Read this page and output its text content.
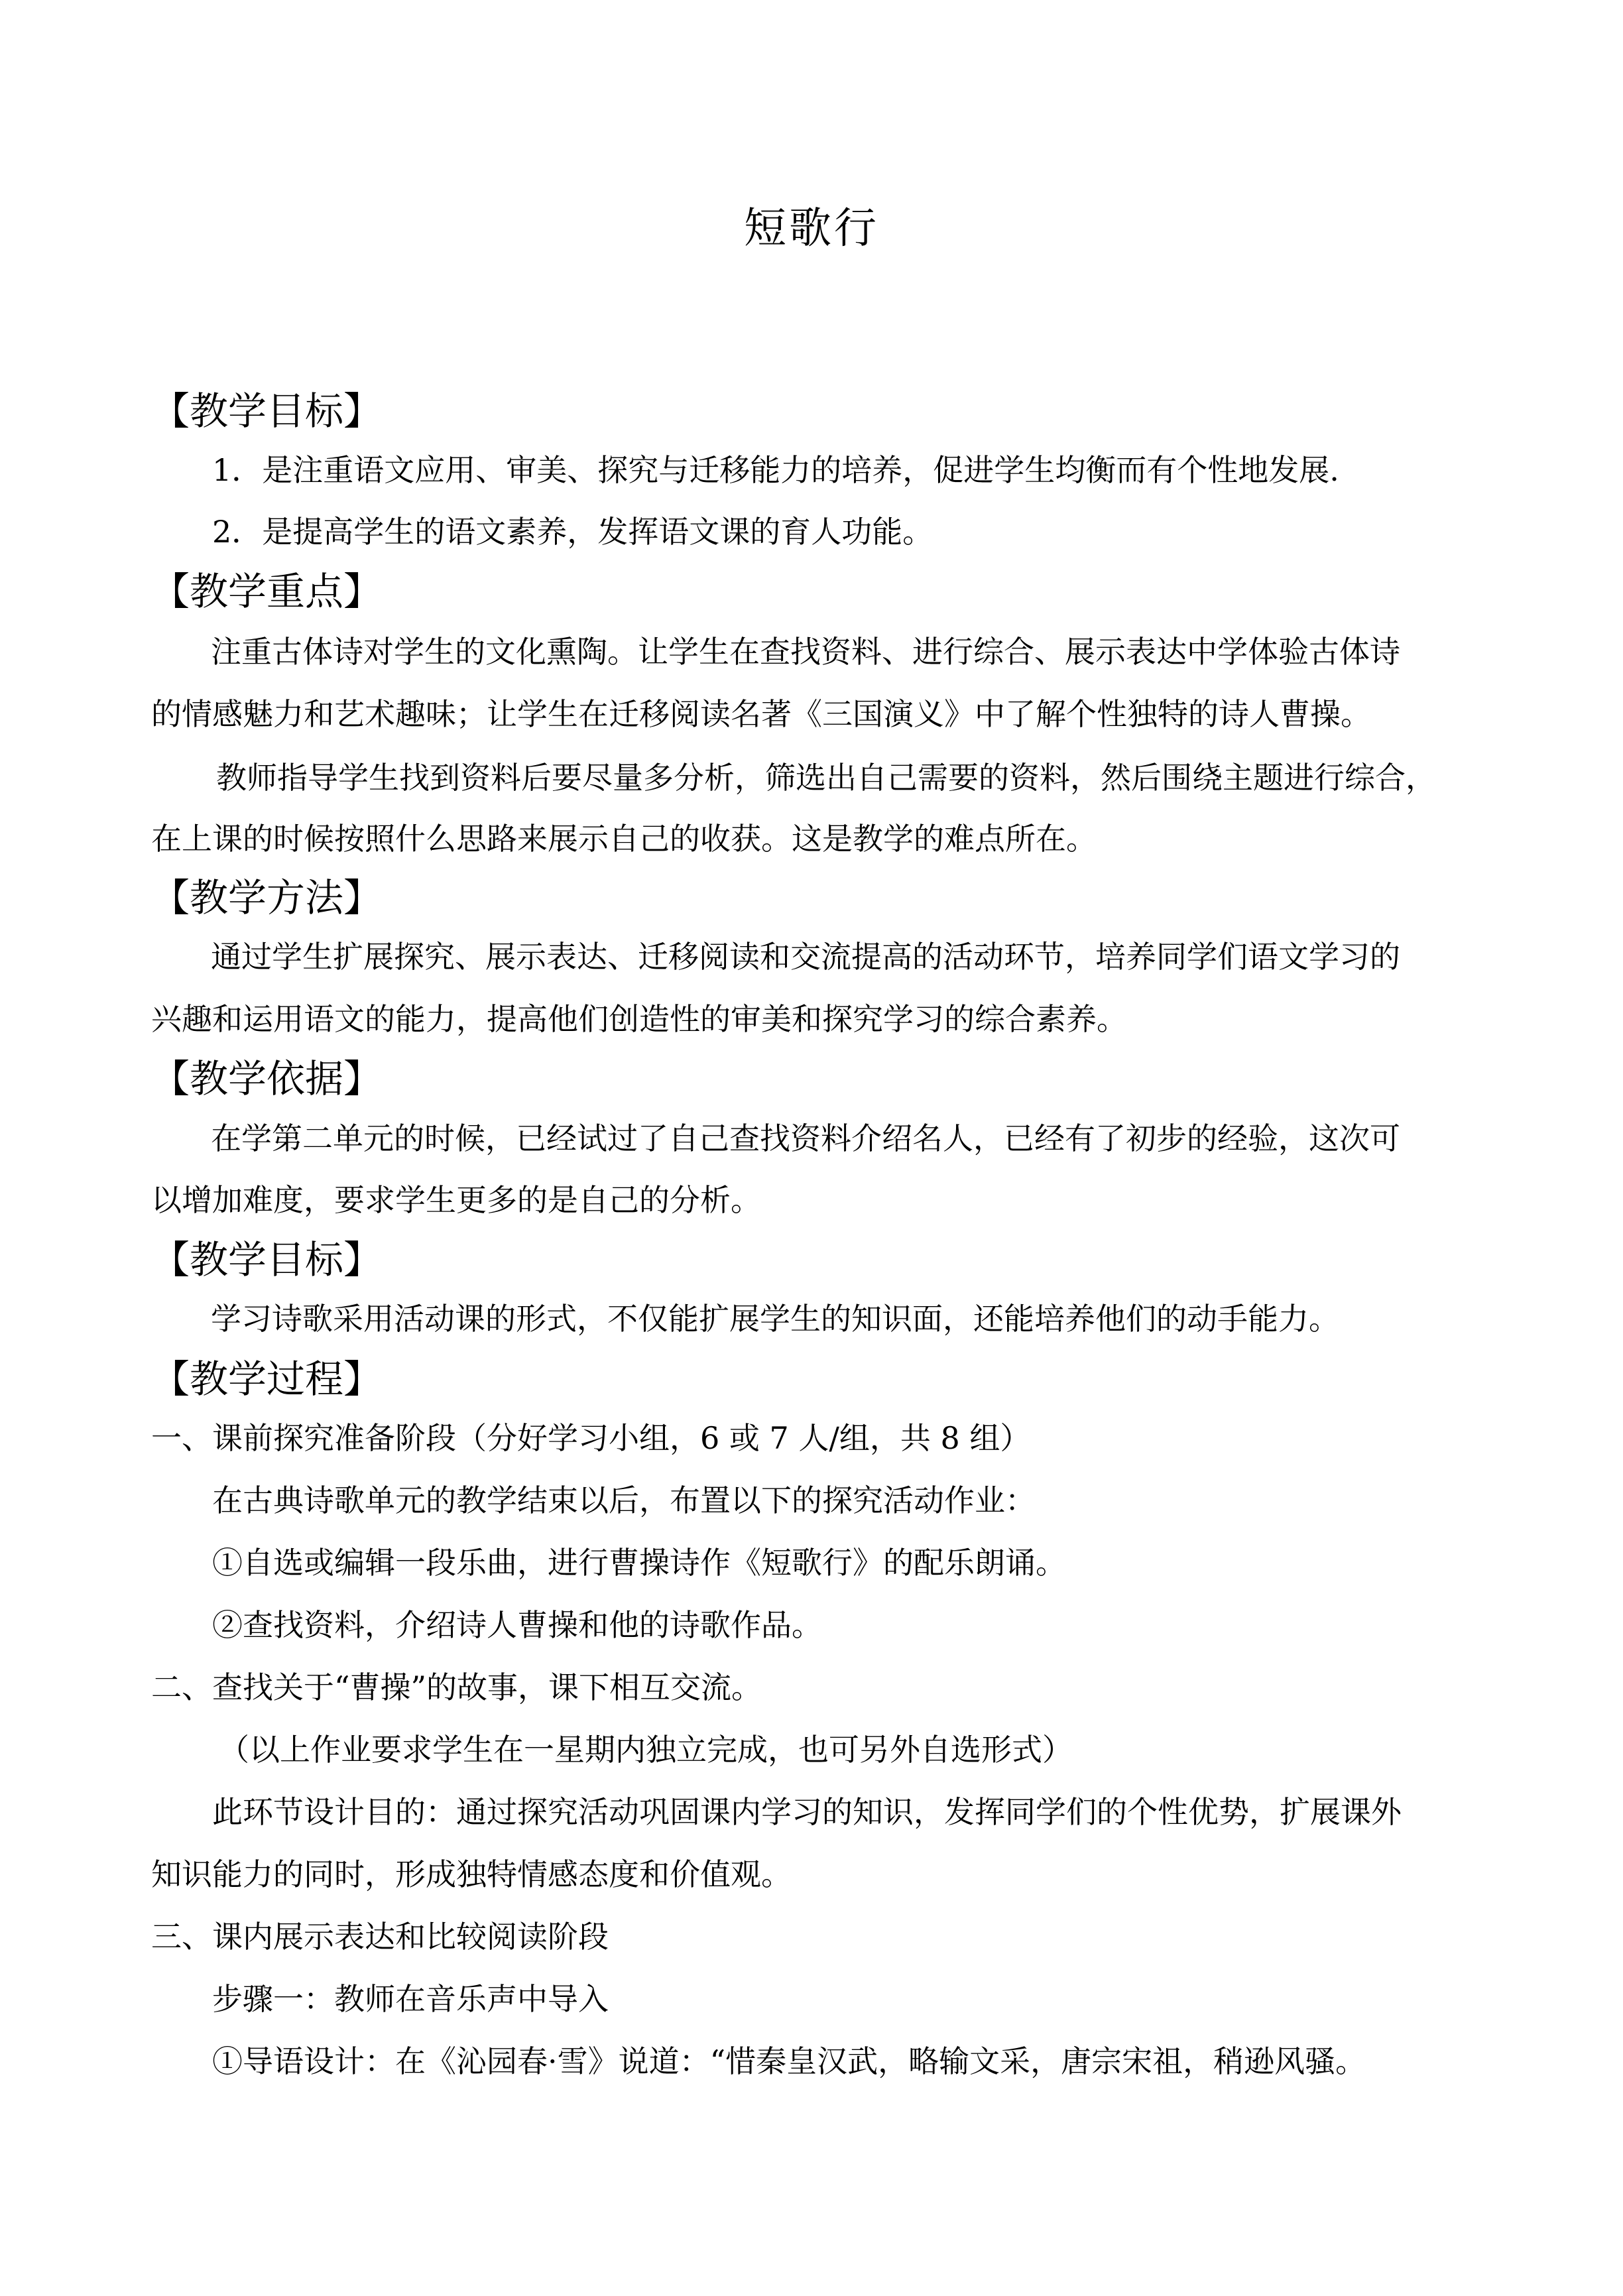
短歌行
【教学目标】
1．是注重语文应用、审美、探究与迁移能力的培养，促进学生均衡而有个性地发展.
2．是提高学生的语文素养，发挥语文课的育人功能。
【教学重点】
注重古体诗对学生的文化熏陶。让学生在查找资料、进行综合、展示表达中学体验古体诗
的情感魅力和艺术趣味；让学生在迁移阅读名著《三国演义》中了解个性独特的诗人曹操。
教师指导学生找到资料后要尽量多分析，筛选出自己需要的资料，然后围绕主题进行综合，
在上课的时候按照什么思路来展示自己的收获。这是教学的难点所在。
【教学方法】
通过学生扩展探究、展示表达、迁移阅读和交流提高的活动环节，培养同学们语文学习的
兴趣和运用语文的能力，提高他们创造性的审美和探究学习的综合素养。
【教学依据】
在学第二单元的时候，已经试过了自己查找资料介绍名人，已经有了初步的经验，这次可
以增加难度，要求学生更多的是自己的分析。
【教学目标】
学习诗歌采用活动课的形式，不仅能扩展学生的知识面，还能培养他们的动手能力。
【教学过程】
一、课前探究准备阶段（分好学习小组，6 或 7 人/组，共 8 组）
在古典诗歌单元的教学结束以后，布置以下的探究活动作业：
①自选或编辑一段乐曲，进行曹操诗作《短歌行》的配乐朗诵。
②查找资料，介绍诗人曹操和他的诗歌作品。
二、查找关于“曹操”的故事，课下相互交流。
（以上作业要求学生在一星期内独立完成，也可另外自选形式）
此环节设计目的：通过探究活动巩固课内学习的知识，发挥同学们的个性优势，扩展课外
知识能力的同时，形成独特情感态度和价值观。
三、课内展示表达和比较阅读阶段
步骤一：教师在音乐声中导入
①导语设计：在《沁园春·雪》说道：“惜秦皇汉武，略输文采，唐宗宋祖，稍逊风骚。
